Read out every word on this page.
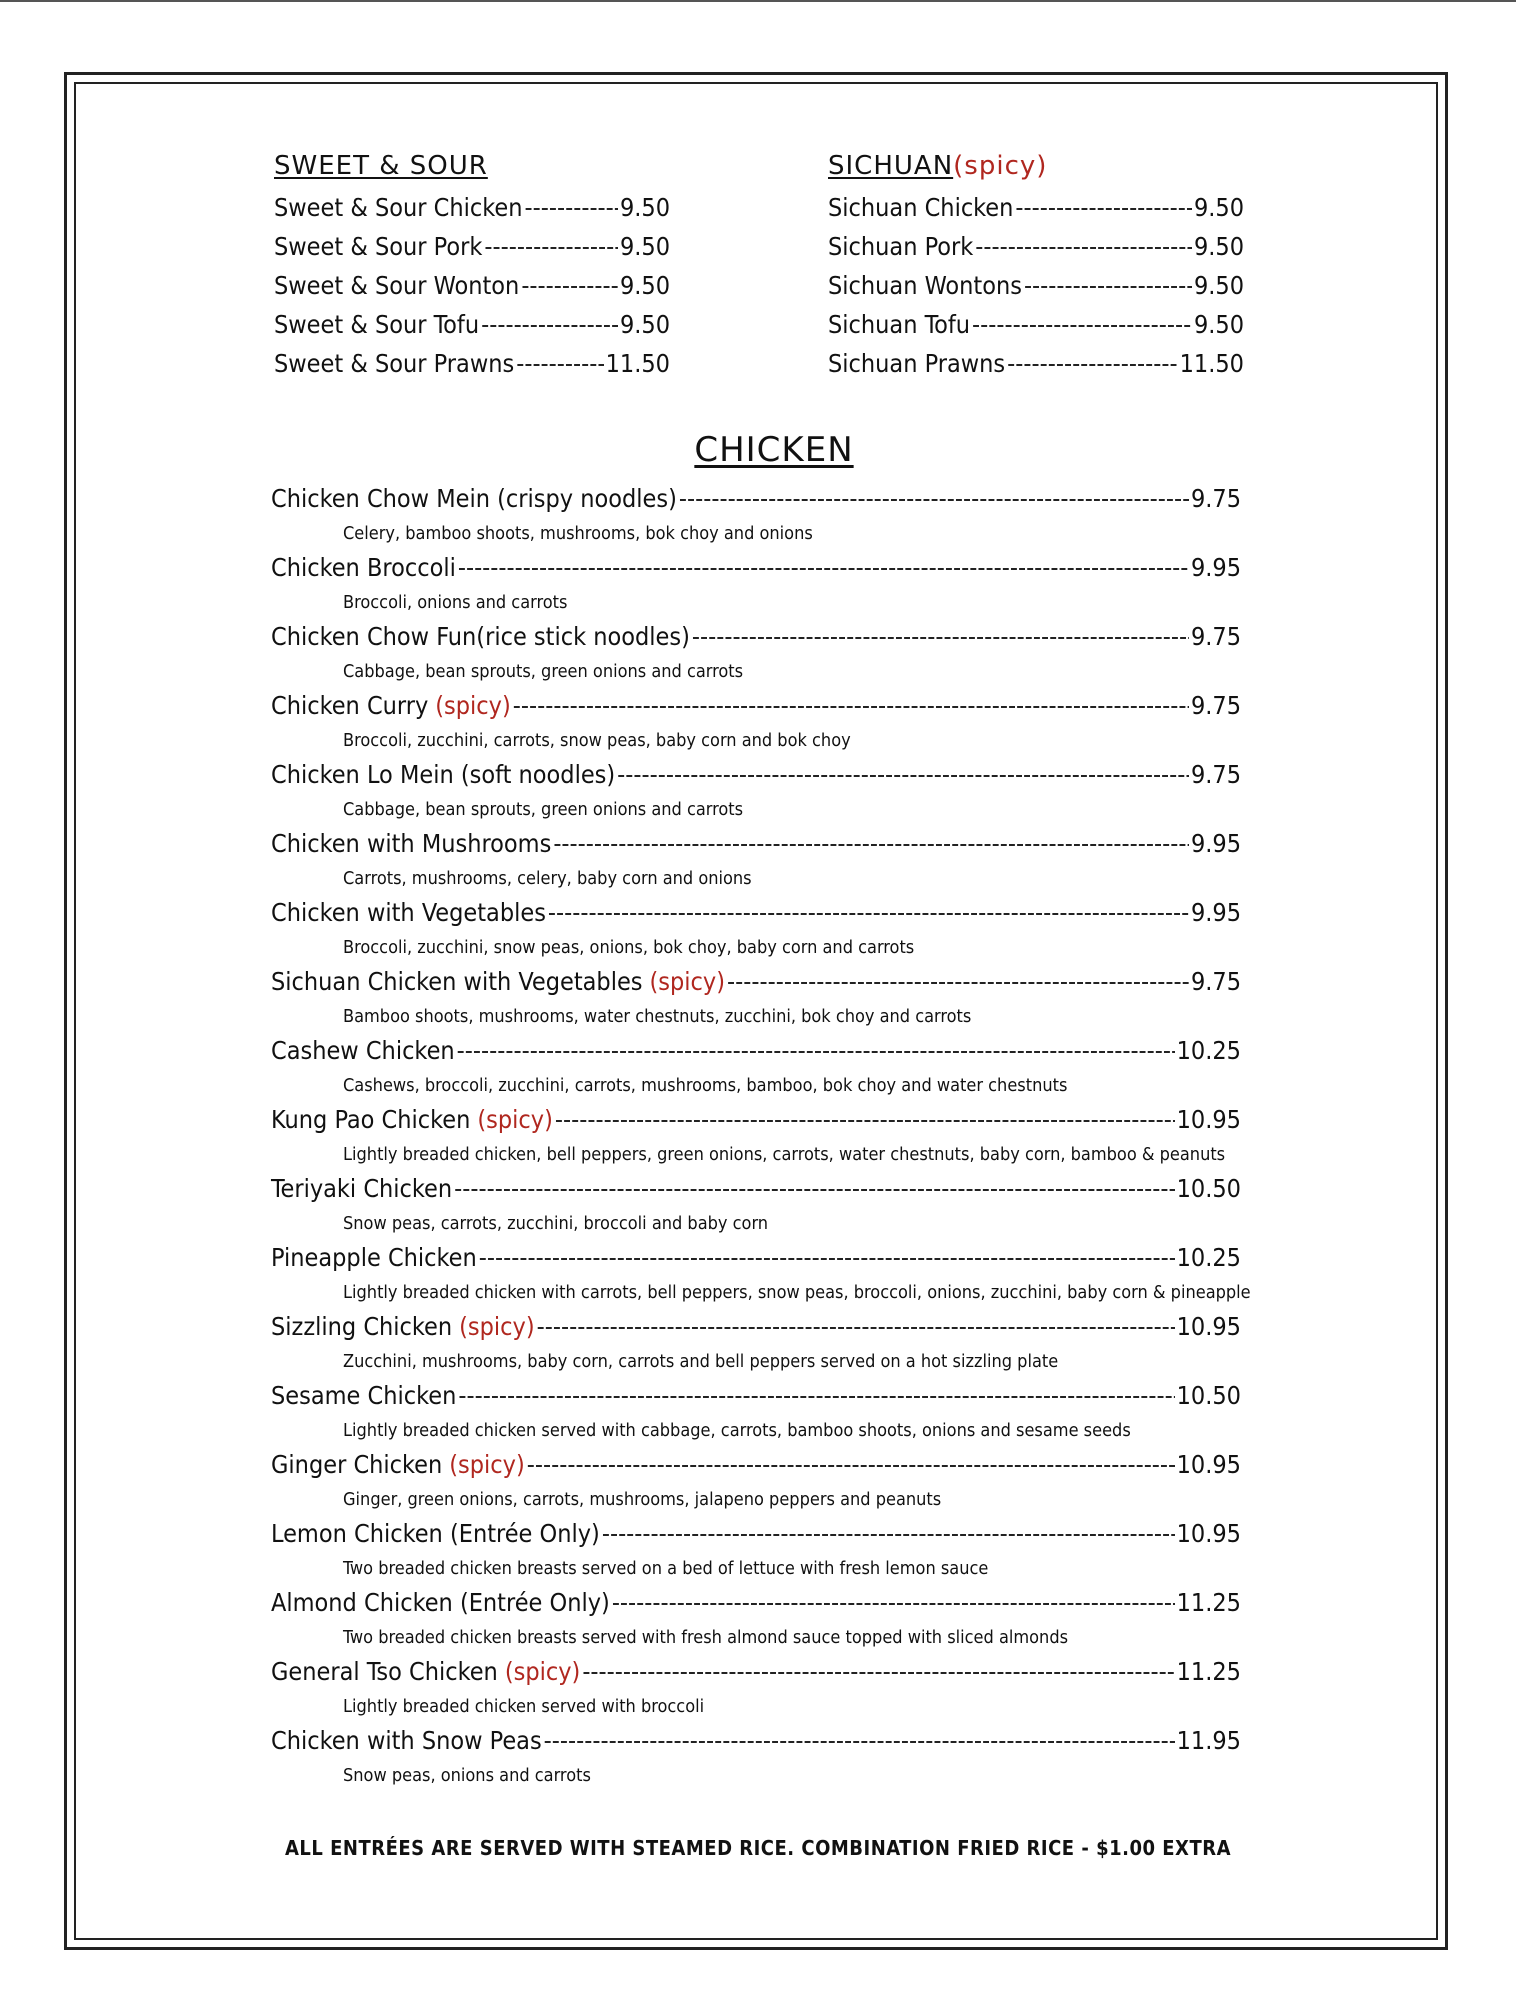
SWEET & SOUR
Sweet & Sour Chicken -----	9.50
Sweet & Sour Pork -----	9.50
Sweet & Sour Wonton -----	9.50
Sweet & Sour Tofu -----	9.50
Sweet & Sour Prawns -----	11.50
SICHUAN(spicy)
Sichuan Chicken -----	9.50
Sichuan Pork -----	9.50
Sichuan Wontons -----	9.50
Sichuan Tofu -----	9.50
Sichuan Prawns -----	11.50
CHICKEN
Chicken Chow Mein (crispy noodles) -----	9.75
Celery, bamboo shoots, mushrooms, bok choy and onions
Chicken Broccoli -----	9.95
Broccoli, onions and carrots
Chicken Chow Fun(rice stick noodles) -----	9.75
Cabbage, bean sprouts, green onions and carrots
Chicken Curry (spicy) -----	9.75
Broccoli, zucchini, carrots, snow peas, baby corn and bok choy
Chicken Lo Mein (soft noodles) -----	9.75
Cabbage, bean sprouts, green onions and carrots
Chicken with Mushrooms -----	9.95
Carrots, mushrooms, celery, baby corn and onions
Chicken with Vegetables -----	9.95
Broccoli, zucchini, snow peas, onions, bok choy, baby corn and carrots
Sichuan Chicken with Vegetables (spicy) -----	9.75
Bamboo shoots, mushrooms, water chestnuts, zucchini, bok choy and carrots
Cashew Chicken -----	10.25
Cashews, broccoli, zucchini, carrots, mushrooms, bamboo, bok choy and water chestnuts
Kung Pao Chicken (spicy) -----	10.95
Lightly breaded chicken, bell peppers, green onions, carrots, water chestnuts, baby corn, bamboo & peanuts
Teriyaki Chicken -----	10.50
Snow peas, carrots, zucchini, broccoli and baby corn
Pineapple Chicken -----	10.25
Lightly breaded chicken with carrots, bell peppers, snow peas, broccoli, onions, zucchini, baby corn & pineapple
Sizzling Chicken (spicy) -----	10.95
Zucchini, mushrooms, baby corn, carrots and bell peppers served on a hot sizzling plate
Sesame Chicken -----	10.50
Lightly breaded chicken served with cabbage, carrots, bamboo shoots, onions and sesame seeds
Ginger Chicken (spicy) -----	10.95
Ginger, green onions, carrots, mushrooms, jalapeno peppers and peanuts
Lemon Chicken (Entrée Only) -----	10.95
Two breaded chicken breasts served on a bed of lettuce with fresh lemon sauce
Almond Chicken (Entrée Only) -----	11.25
Two breaded chicken breasts served with fresh almond sauce topped with sliced almonds
General Tso Chicken (spicy) -----	11.25
Lightly breaded chicken served with broccoli
Chicken with Snow Peas -----	11.95
Snow peas, onions and carrots
ALL ENTRÉES ARE SERVED WITH STEAMED RICE. COMBINATION FRIED RICE - $1.00 EXTRA
